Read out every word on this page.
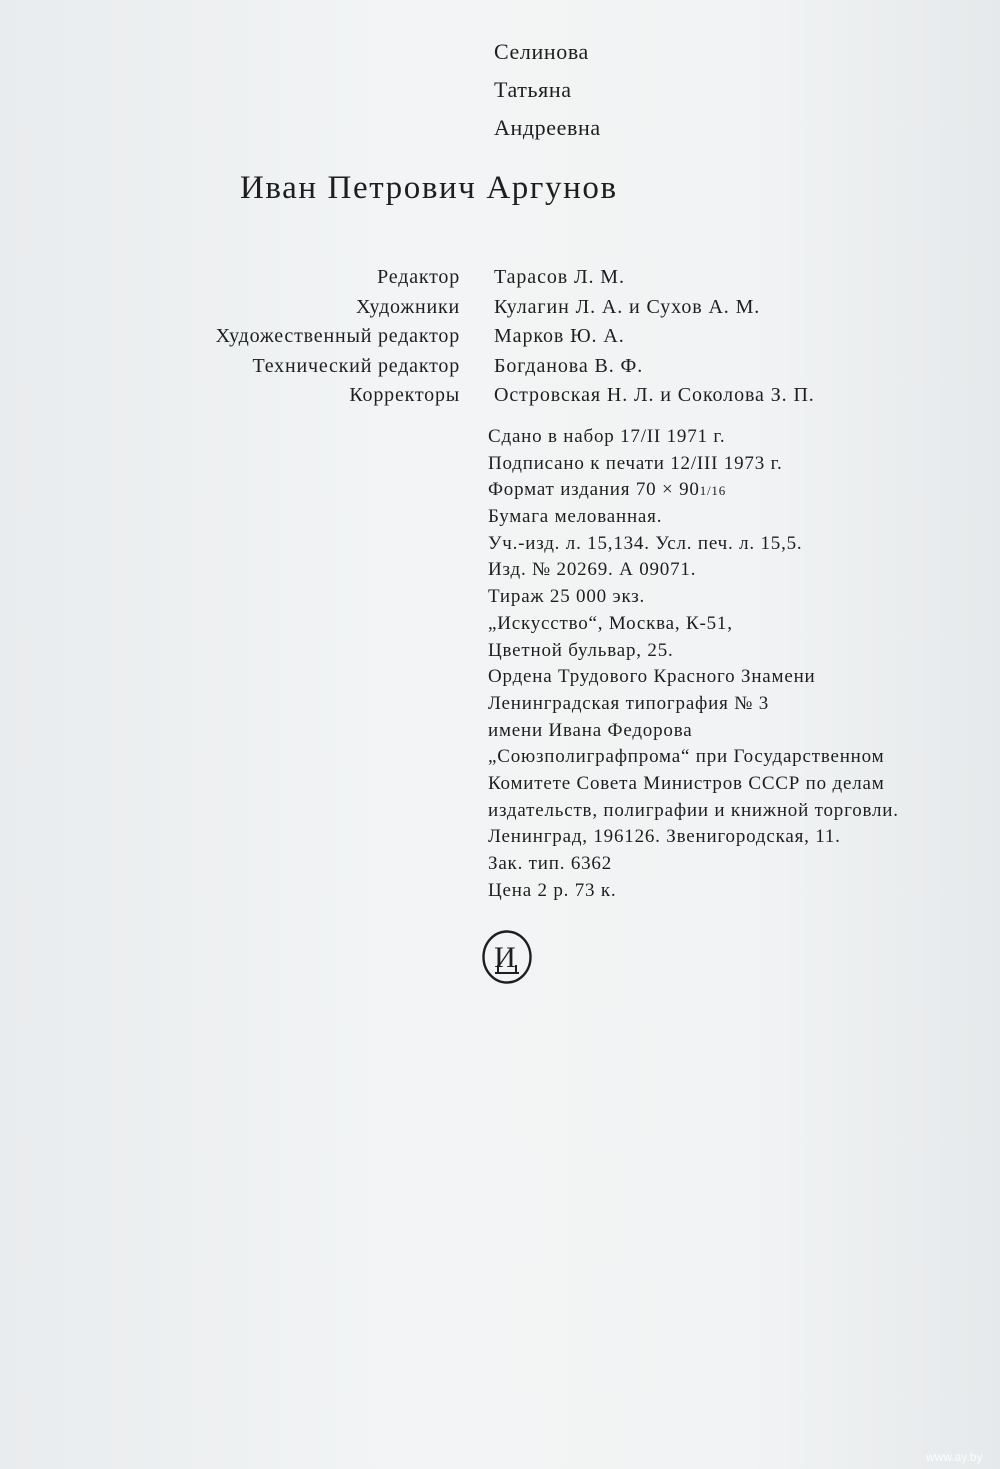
Селинова
Татьяна
Андреевна
Иван Петрович Аргунов
Редактор Тарасов Л. М.
Художники Кулагин Л. А. и Сухов А. М.
Художественный редактор Марков Ю. А.
Технический редактор Богданова В. Ф.
Корректоры Островская Н. Л. и Соколова З. П.
Сдано в набор 17/II 1971 г.
Подписано к печати 12/III 1973 г.
Формат издания 70 × 901/16
Бумага мелованная.
Уч.-изд. л. 15,134. Усл. печ. л. 15,5.
Изд. № 20269. А 09071.
Тираж 25 000 экз.
„Искусство“, Москва, К-51,
Цветной бульвар, 25.
Ордена Трудового Красного Знамени
Ленинградская типография № 3
имени Ивана Федорова
„Союзполиграфпрома“ при Государственном
Комитете Совета Министров СССР по делам
издательств, полиграфии и книжной торговли.
Ленинград, 196126. Звенигородская, 11.
Зак. тип. 6362
Цена 2 р. 73 к.
И
www.ay.by
